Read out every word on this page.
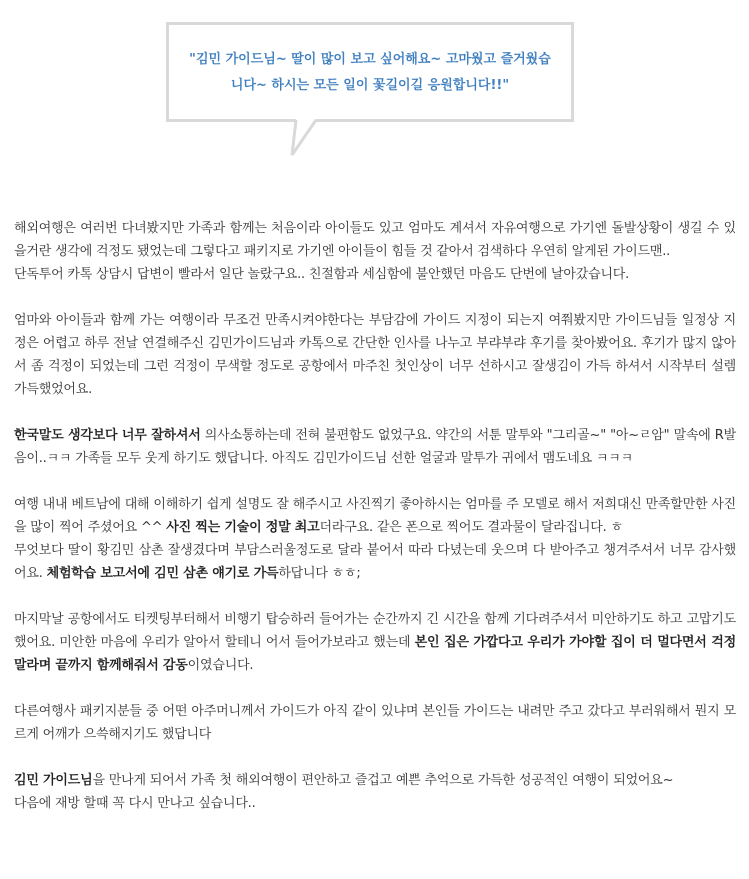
"김민 가이드님~ 딸이 많이 보고 싶어해요~ 고마웠고 즐거웠습
니다~ 하시는 모든 일이 꽃길이길 응원합니다!!"

해외여행은 여러번 다녀봤지만 가족과 함께는 처음이라 아이들도 있고 엄마도 계셔서 자유여행으로 가기엔 돌발상황이 생길 수 있을거란 생각에 걱정도 됐었는데 그렇다고 패키지로 가기엔 아이들이 힘들 것 같아서 검색하다 우연히 알게된 가이드맨..

단독투어 카톡 상담시 답변이 빨라서 일단 놀랐구요.. 친절함과 세심함에 불안했던 마음도 단번에 날아갔습니다.

엄마와 아이들과 함께 가는 여행이라 무조건 만족시켜야한다는 부담감에 가이드 지정이 되는지 여쭤봤지만 가이드님들 일정상 지정은 어렵고 하루 전날 연결해주신 김민가이드님과 카톡으로 간단한 인사를 나누고 부랴부랴 후기를 찾아봤어요. 후기가 많지 않아서 좀 걱정이 되었는데 그런 걱정이 무색할 정도로 공항에서 마주친 첫인상이 너무 선하시고 잘생김이 가득 하셔서 시작부터 설렘 가득했었어요.

한국말도 생각보다 너무 잘하셔서 의사소통하는데 전혀 불편함도 없었구요. 약간의 서툰 말투와 "그리골~" "아~ㄹ암" 말속에 R발음이..ㅋㅋ 가족들 모두 웃게 하기도 했답니다. 아직도 김민가이드님 선한 얼굴과 말투가 귀에서 맴도네요 ㅋㅋㅋ

여행 내내 베트남에 대해 이해하기 쉽게 설명도 잘 해주시고 사진찍기 좋아하시는 엄마를 주 모델로 해서 저희대신 만족할만한 사진을 많이 찍어 주셨어요 ^^ 사진 찍는 기술이 정말 최고더라구요. 같은 폰으로 찍어도 결과물이 달라집니다. ㅎ

무엇보다 딸이 황김민 삼촌 잘생겼다며 부담스러울정도로 달라 붙어서 따라 다녔는데 웃으며 다 받아주고 챙겨주셔서 너무 감사했어요. 체험학습 보고서에 김민 삼촌 얘기로 가득하답니다 ㅎㅎ;

마지막날 공항에서도 티켓팅부터해서 비행기 탑승하러 들어가는 순간까지 긴 시간을 함께 기다려주셔서 미안하기도 하고 고맙기도 했어요. 미안한 마음에 우리가 알아서 할테니 어서 들어가보라고 했는데 본인 집은 가깝다고 우리가 가야할 집이 더 멀다면서 걱정말라며 끝까지 함께해줘서 감동이였습니다.

다른여행사 패키지분들 중 어떤 아주머니께서 가이드가 아직 같이 있냐며 본인들 가이드는 내려만 주고 갔다고 부러워해서 뭔지 모르게 어깨가 으쓱해지기도 했답니다

김민 가이드님을 만나게 되어서 가족 첫 해외여행이 편안하고 즐겁고 예쁜 추억으로 가득한 성공적인 여행이 되었어요~

다음에 재방 할때 꼭 다시 만나고 싶습니다..
